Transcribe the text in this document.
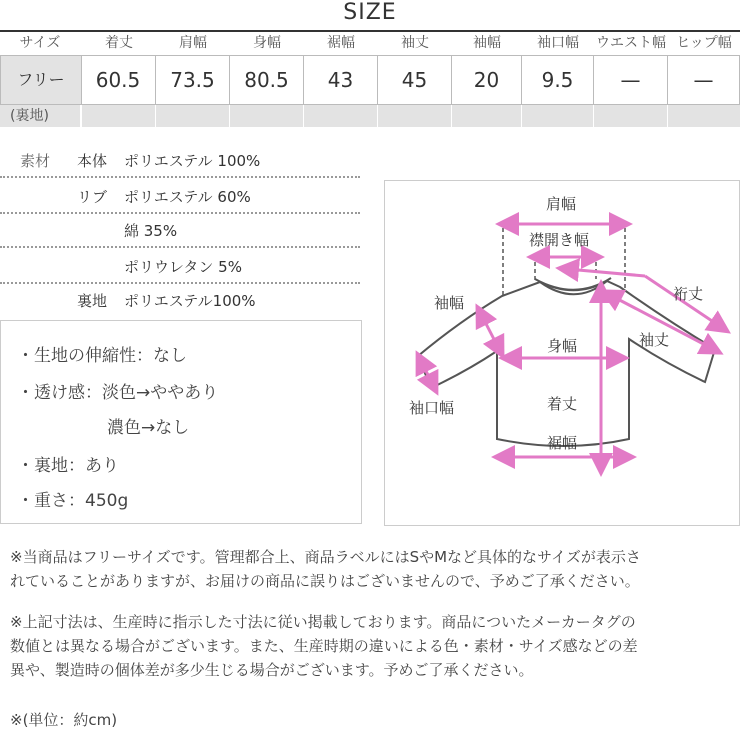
SIZE
サイズ	着丈	肩幅	身幅	裾幅	袖丈	袖幅	袖口幅	ウエスト幅 ヒップ幅
フリー	60.5	73.5	80.5	43	45	20	9.5	—	—
(裏地)
素材 本体 ポリエステル 100%
リブ ポリエステル 60%
綿 35%
ポリウレタン 5%
裏地 ポリエステル100%
・生地の伸縮性：なし
・透け感：淡色→ややあり
濃色→なし
・裏地：あり
・重さ：450g
肩幅
襟開き幅
袖幅
身幅
裄丈
袖丈
着丈
裾幅
袖口幅
※当商品はフリーサイズです。管理都合上、商品ラベルにはSやMなど具体的なサイズが表示さ
れていることがありますが、お届けの商品に誤りはございませんので、予めご了承ください。
※上記寸法は、生産時に指示した寸法に従い掲載しております。商品についたメーカータグの
数値とは異なる場合がございます。また、生産時期の違いによる色・素材・サイズ感などの差
異や、製造時の個体差が多少生じる場合がございます。予めご了承ください。
※(単位：約cm)
